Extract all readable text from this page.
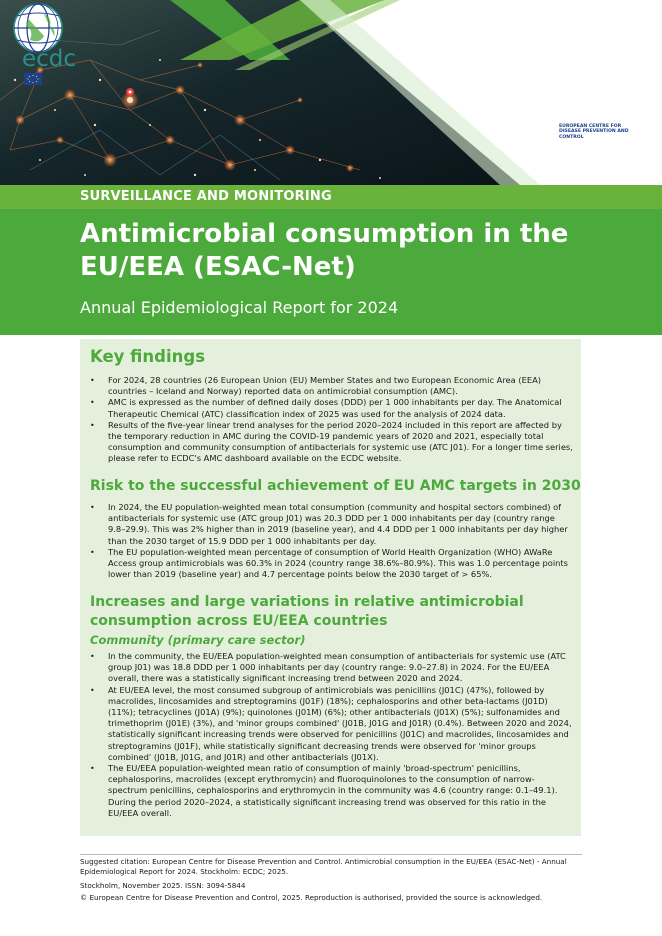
ecdc
EUROPEAN CENTRE FOR DISEASE PREVENTION AND CONTROL
SURVEILLANCE AND MONITORING
Antimicrobial consumption in the EU/EEA (ESAC-Net)

Annual Epidemiological Report for 2024

Key findings
• For 2024, 28 countries (26 European Union (EU) Member States and two European Economic Area (EEA) countries – Iceland and Norway) reported data on antimicrobial consumption (AMC).
• AMC is expressed as the number of defined daily doses (DDD) per 1 000 inhabitants per day. The Anatomical Therapeutic Chemical (ATC) classification index of 2025 was used for the analysis of 2024 data.
• Results of the five-year linear trend analyses for the period 2020–2024 included in this report are affected by the temporary reduction in AMC during the COVID-19 pandemic years of 2020 and 2021, especially total consumption and community consumption of antibacterials for systemic use (ATC J01). For a longer time series, please refer to ECDC's AMC dashboard available on the ECDC website.
Risk to the successful achievement of EU AMC targets in 2030
• In 2024, the EU population-weighted mean total consumption (community and hospital sectors combined) of antibacterials for systemic use (ATC group J01) was 20.3 DDD per 1 000 inhabitants per day (country range 9.8–29.9). This was 2% higher than in 2019 (baseline year), and 4.4 DDD per 1 000 inhabitants per day higher than the 2030 target of 15.9 DDD per 1 000 inhabitants per day.
• The EU population-weighted mean percentage of consumption of World Health Organization (WHO) AWaRe Access group antimicrobials was 60.3% in 2024 (country range 38.6%–80.9%). This was 1.0 percentage points lower than 2019 (baseline year) and 4.7 percentage points below the 2030 target of > 65%.
Increases and large variations in relative antimicrobial consumption across EU/EEA countries
Community (primary care sector)
• In the community, the EU/EEA population-weighted mean consumption of antibacterials for systemic use (ATC group J01) was 18.8 DDD per 1 000 inhabitants per day (country range: 9.0–27.8) in 2024. For the EU/EEA overall, there was a statistically significant increasing trend between 2020 and 2024.
• At EU/EEA level, the most consumed subgroup of antimicrobials was penicillins (J01C) (47%), followed by macrolides, lincosamides and streptogramins (J01F) (18%); cephalosporins and other beta-lactams (J01D) (11%); tetracyclines (J01A) (9%); quinolones (J01M) (6%); other antibacterials (J01X) (5%); sulfonamides and trimethoprim (J01E) (3%), and 'minor groups combined' (J01B, J01G and J01R) (0.4%). Between 2020 and 2024, statistically significant increasing trends were observed for penicillins (J01C) and macrolides, lincosamides and streptogramins (J01F), while statistically significant decreasing trends were observed for 'minor groups combined' (J01B, J01G, and J01R) and other antibacterials (J01X).
• The EU/EEA population-weighted mean ratio of consumption of mainly 'broad-spectrum' penicillins, cephalosporins, macrolides (except erythromycin) and fluoroquinolones to the consumption of narrow-spectrum penicillins, cephalosporins and erythromycin in the community was 4.6 (country range: 0.1–49.1). During the period 2020–2024, a statistically significant increasing trend was observed for this ratio in the EU/EEA overall.

Suggested citation: European Centre for Disease Prevention and Control. Antimicrobial consumption in the EU/EEA (ESAC-Net) - Annual Epidemiological Report for 2024. Stockholm: ECDC; 2025.

Stockholm, November 2025. ISSN: 3094-5844

© European Centre for Disease Prevention and Control, 2025. Reproduction is authorised, provided the source is acknowledged.
